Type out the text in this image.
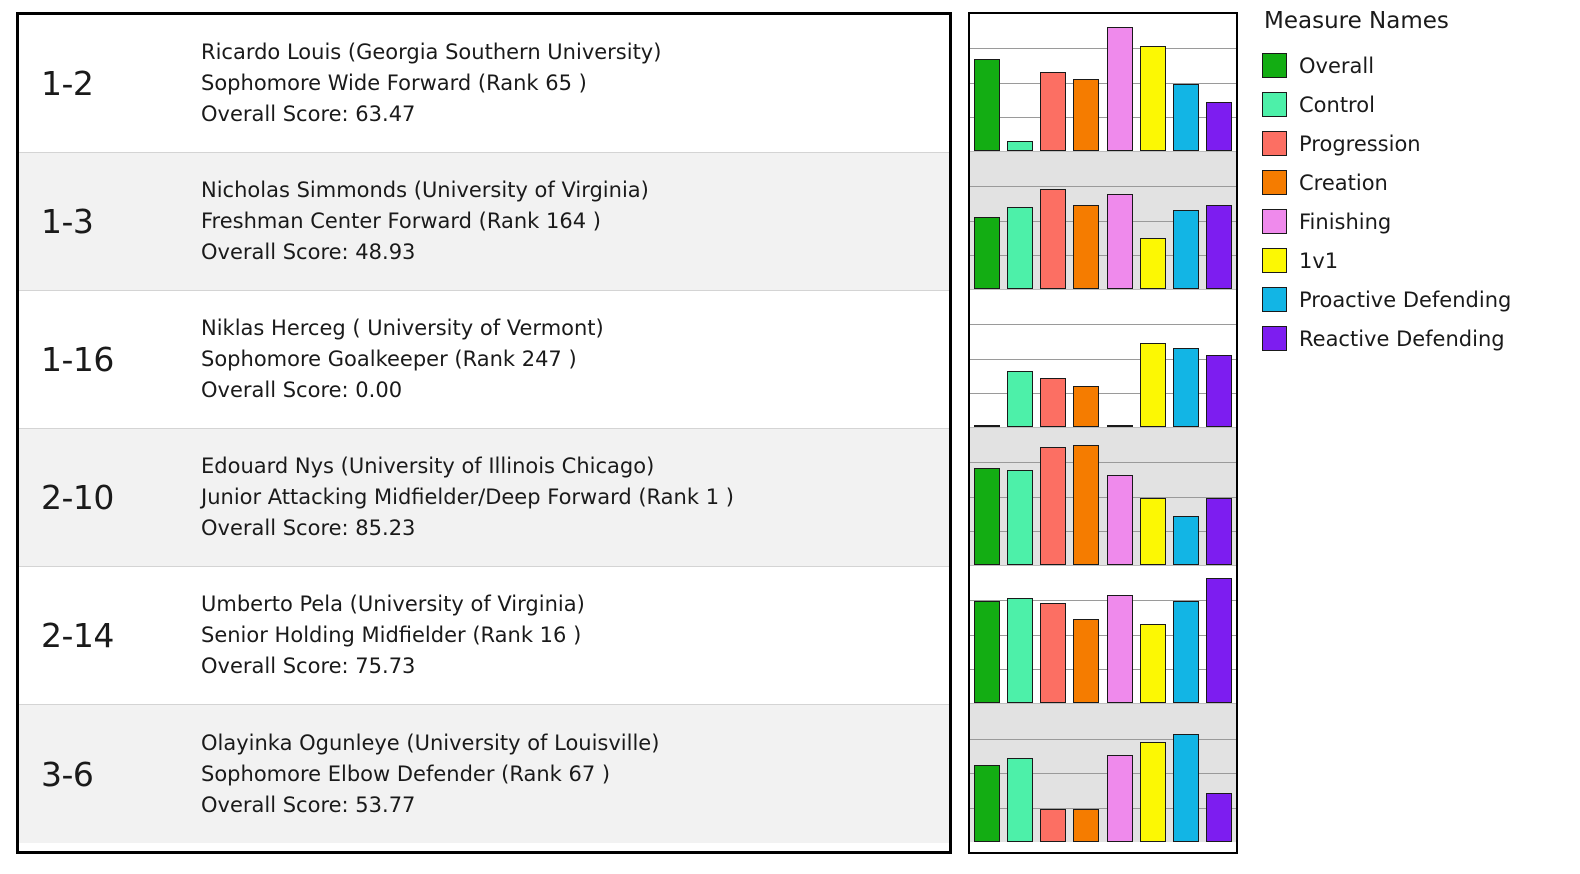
1-2
Ricardo Louis (Georgia Southern University)
Sophomore Wide Forward (Rank 65 )
Overall Score: 63.47
1-3
Nicholas Simmonds (University of Virginia)
Freshman Center Forward (Rank 164 )
Overall Score: 48.93
1-16
Niklas Herceg ( University of Vermont)
Sophomore Goalkeeper (Rank 247 )
Overall Score: 0.00
2-10
Edouard Nys (University of Illinois Chicago)
Junior Attacking Midfielder/Deep Forward (Rank 1 )
Overall Score: 85.23
2-14
Umberto Pela (University of Virginia)
Senior Holding Midfielder (Rank 16 )
Overall Score: 75.73
3-6
Olayinka Ogunleye (University of Louisville)
Sophomore Elbow Defender (Rank 67 )
Overall Score: 53.77
Measure Names
Overall
Control
Progression
Creation
Finishing
1v1
Proactive Defending
Reactive Defending
